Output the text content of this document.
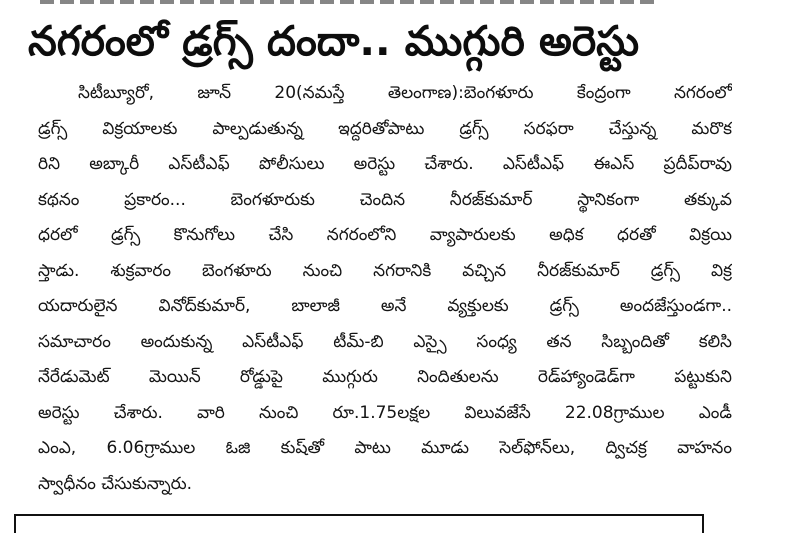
నగరంలో డ్రగ్స్ దందా.. ముగ్గురి అరెస్టు
సిటీబ్యూరో, జూన్ 20(నమస్తే తెలంగాణ):బెంగళూరు కేంద్రంగా నగరంలో
డ్రగ్స్ విక్రయాలకు పాల్పడుతున్న ఇద్దరితోపాటు డ్రగ్స్ సరఫరా చేస్తున్న మరొక
రిని అబ్కారీ ఎస్‌టీఎఫ్ పోలీసులు అరెస్టు చేశారు. ఎస్‌టీఎఫ్ ఈఎస్ ప్రదీప్‌రావు
కథనం ప్రకారం... బెంగళూరుకు చెందిన నీరజ్‌కుమార్ స్థానికంగా తక్కువ
ధరలో డ్రగ్స్ కొనుగోలు చేసి నగరంలోని వ్యాపారులకు అధిక ధరతో విక్రయి
స్తాడు. శుక్రవారం బెంగళూరు నుంచి నగరానికి వచ్చిన నీరజ్‌కుమార్ డ్రగ్స్ విక్ర
యదారులైన వినోద్‌కుమార్, బాలాజీ అనే వ్యక్తులకు డ్రగ్స్ అందజేస్తుండగా..
సమాచారం అందుకున్న ఎస్‌టీఎఫ్ టీమ్-బి ఎస్సై సంధ్య తన సిబ్బందితో కలిసి
నేరేడుమెట్ మెయిన్ రోడ్డుపై ముగ్గురు నిందితులను రెడ్‌హ్యాండెడ్‌గా పట్టుకుని
అరెస్టు చేశారు. వారి నుంచి రూ.1.75లక్షల విలువజేసే 22.08గ్రాముల ఎండీ
ఎంఎ, 6.06గ్రాముల ఓజి కుష్‌తో పాటు మూడు సెల్‌ఫోన్‌లు, ద్విచక్ర వాహనం
స్వాధీనం చేసుకున్నారు.
